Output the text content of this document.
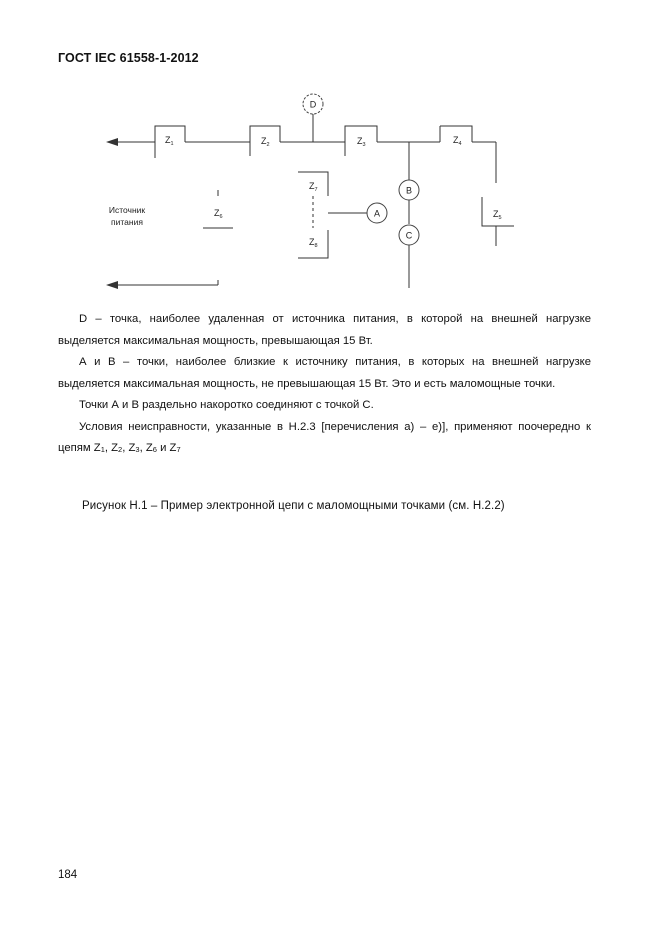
ГОСТ IEC 61558-1-2012
D
A
B
C
$Z_1$	$Z_2$	$Z_3$	$Z_4$
$Z_5$
$Z_6$
$Z_7$
$Z_8$
Источник
питания

D – точка, наиболее удаленная от источника питания, в которой на внешней нагрузке выделяется максимальная мощность, превышающая 15 Вт.

А и В – точки, наиболее близкие к источнику питания, в которых на внешней нагрузке выделяется максимальная мощность, не превышающая 15 Вт. Это и есть маломощные точки.

Точки А и В раздельно накоротко соединяют с точкой С.

Условия неисправности, указанные в Н.2.3 [перечисления а) – е)], применяют поочередно к цепям $Z_1$, $Z_2$, $Z_3$, $Z_6$ и $Z_7$

Рисунок Н.1 – Пример электронной цепи с маломощными точками (см. Н.2.2)
184
